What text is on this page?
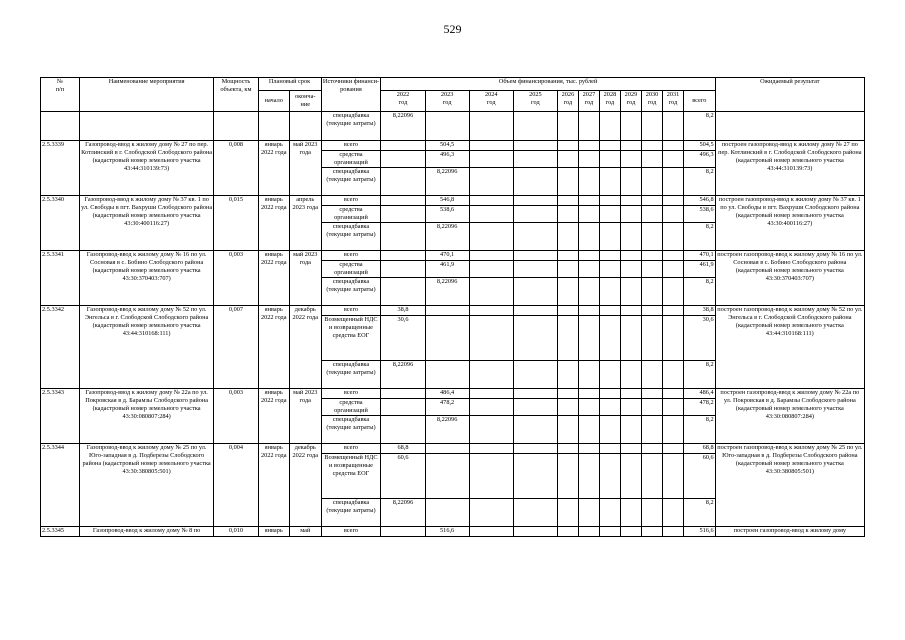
529
№
п/п	Наименование мероприятия	Мощность объекта, км	Плановый срок		Источники финанси-
рования	Объем финансирования, тыс. рублей											Ожидаемый результат
			начало	оконча-
ние		2022
год	2023
год	2024
год	2025
год	2026
год	2027
год	2028
год	2029
год	2030
год	2031
год	всего	

					спецнадбавка (текущие затраты)	8,22096										8,2	
2.5.3339	Газопровод-ввод к жилому дому № 27 по пер. Котлинский в г. Слободской Слободского района (кадастровый номер земельного участка 43:44:310139:73)	0,008	январь 2022 года	май 2023 года	всего		504,5									504,5	построен газопровод-ввод к жилому дому № 27 по пер. Котлинский в г. Слободской Слободского района (кадастровый номер земельного участка 43:44:310139:73)
					средства организаций		496,3									496,3	
					спецнадбавка (текущие затраты)		8,22096									8,2	
2.5.3340	Газопровод-ввод к жилому дому № 37 кв. 1 по ул. Свободы в пгт. Вахруши Слободского района (кадастровый номер земельного участка 43:30:400116:27)	0,015	январь 2022 года	апрель 2023 года	всего		546,8									546,8	построен газопровод-ввод к жилому дому № 37 кв. 1 по ул. Свободы в пгт. Вахруши Слободского района (кадастровый номер земельного участка 43:30:400116:27)
					средства организаций		538,6									538,6	
					спецнадбавка (текущие затраты)		8,22096									8,2	
2.5.3341	Газопровод-ввод к жилому дому № 16 по ул. Сосновая в с. Бобино Слободского района (кадастровый номер земельного участка 43:30:370403:707)	0,003	январь 2022 года	май 2023 года	всего		470,1									470,1	построен газопровод-ввод к жилому дому № 16 по ул. Сосновая в с. Бобино Слободского района (кадастровый номер земельного участка 43:30:370403:707)
					средства организаций		461,9									461,9	
					спецнадбавка (текущие затраты)		8,22096									8,2	
2.5.3342	Газопровод-ввод к жилому дому № 52 по ул. Энгельса в г. Слободской Слободского района (кадастровый номер земельного участка 43:44:310168:111)	0,007	январь 2022 года	декабрь 2022 года	всего	38,8										38,8	построен газопровод-ввод к жилому дому № 52 по ул. Энгельса в г. Слободской Слободского района (кадастровый номер земельного участка 43:44:310168:111)
					Возмещенный НДС и возвращенные средства ЕОГ	30,6										30,6	
					спецнадбавка (текущие затраты)	8,22096										8,2	
2.5.3343	Газопровод-ввод к жилому дому № 22а по ул. Покровская в д. Барамзы Слободского района (кадастровый номер земельного участка 43:30:080807:284)	0,003	январь 2022 года	май 2023 года	всего		486,4									486,4	построен газопровод-ввод к жилому дому № 22а по ул. Покровская в д. Барамзы Слободского района (кадастровый номер земельного участка 43:30:080807:284)
					средства организаций		478,2									478,2	
					спецнадбавка (текущие затраты)		8,22096									8,2	
2.5.3344	Газопровод-ввод к жилому дому № 25 по ул. Юго-западная в д. Подберезы Слободского района (кадастровый номер земельного участка 43:30:380805:501)	0,004	январь 2022 года	декабрь 2022 года	всего	68,8										68,8	построен газопровод-ввод к жилому дому № 25 по ул. Юго-западная в д. Подберезы Слободского района (кадастровый номер земельного участка 43:30:380805:501)
					Возмещенный НДС и возвращенные средства ЕОГ	60,6										60,6	
					спецнадбавка (текущие затраты)	8,22096										8,2	
2.5.3345	Газопровод-ввод к жилому дому № 8 по	0,010	январь	май	всего		516,6									516,6	построен газопровод-ввод к жилому дому
